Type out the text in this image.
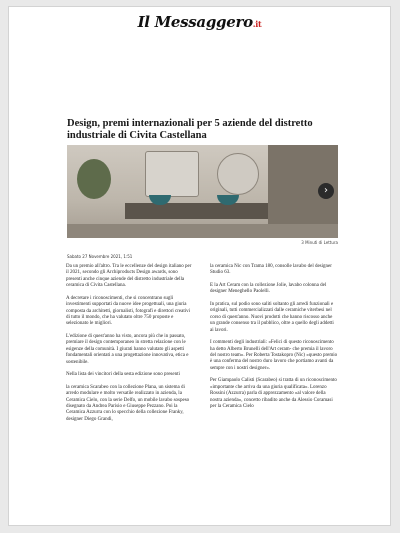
Il Messaggero.it
Design, premi internazionali per 5 aziende del distretto industriale di Civita Castellana
›
3 Minuti di Lettura
Sabato 27 Novembre 2021, 1:51

Da un premio all'altro. Tra le eccellenze del design italiano per il 2021, secondo gli Archiproducts Design awards, sono presenti anche cinque aziende del distretto industriale della ceramica di Civita Castellana.

A decretare i riconoscimenti, che si concentrano sugli investimenti supportati da nuove idee progettuali, una giuria composta da architetti, giornalisti, fotografi e direttori creativi di tutto il mondo, che ha valutato oltre 750 proposte e selezionato le migliori.

L'edizione di quest'anno ha visto, ancora più che in passato, premiare il design contemporaneo in stretta relazione con le esigenze della comunità. I giurati hanno valutato gli aspetti fondamentali orientati a una progettazione innovativa, etica e sostenibile.

Nella lista dei vincitori della sesta edizione sono presenti

la ceramica Scarabeo con la collezione Plana, un sistema di arredo modulare e molto versatile realizzato in azienda, la Ceramica Cielo, con la serie Delfo, un mobile lavabo sospeso disegnato da Andrea Parisio e Giuseppe Pezzano. Poi la Ceramica Azzurra con lo specchio della collezione Franky, designer Diego Grandi,

la ceramica Nic con Trama 180, consolle lavabo del designer Studio 63.

E la Art Ceram con la collezione Jolie, lavabo colonna del designer Meneghello Paolelli.

In pratica, sul podio sono saliti soltanto gli arredi funzionali e originali, tutti commercializzati dalle ceramiche viterbesi nel corso di quest'anno. Nuovi prodotti che hanno riscosso anche un grande consenso tra il pubblico, oltre a quello degli addetti ai lavori.

I commenti degli industriali: «Felici di questo riconoscimento ha detto Alberto Brunelli dell'Art ceram- che premia il lavoro del nostro team». Per Roberta Tostakopro (Nic) «questo premio è una conferma del nostro duro lavoro che portiamo avanti da sempre con i nostri designer».

Per Giampaolo Calisti (Scarabeo) si tratta di un riconoscimento «importante che arriva da una giuria qualificata». Lorenzo Rossini (Azzurra) parla di apprezzamento «al valore della nostra azienda», concetto ribadito anche da Alessio Coramasi per la Ceramica Cielo
